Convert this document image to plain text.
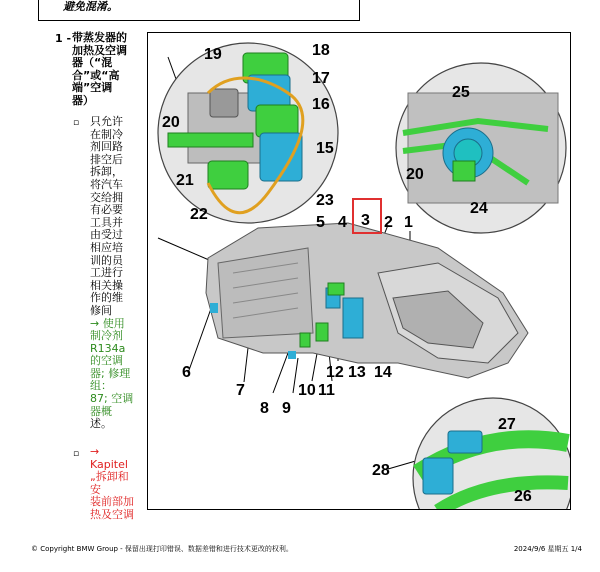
避免混淆。
1 - 带蒸发器的
加热及空调
器（“混
合”或“高
端”空调
器）
▫ 只允许
在制冷
剂回路
排空后
拆卸，
将汽车
交给拥
有必要
工具并
由受过
相应培
训的员
工进行
相关操
作的维
修间
→ 使用
制冷剂
R134a
的空调
器; 修理
组：
87; 空调
器概
述。
▫ → Kapitel
„拆卸和安
装前部加
热及空调
18
19
17
16
20
15
21
23
22
25
20
24
5 4 3 2 1
6
7
12 13 14
10 11
8 9
27
28
26
© Copyright BMW Group - 保留出现打印错误、数据差错和进行技术更改的权利。	2024/9/6 星期五 1/4
